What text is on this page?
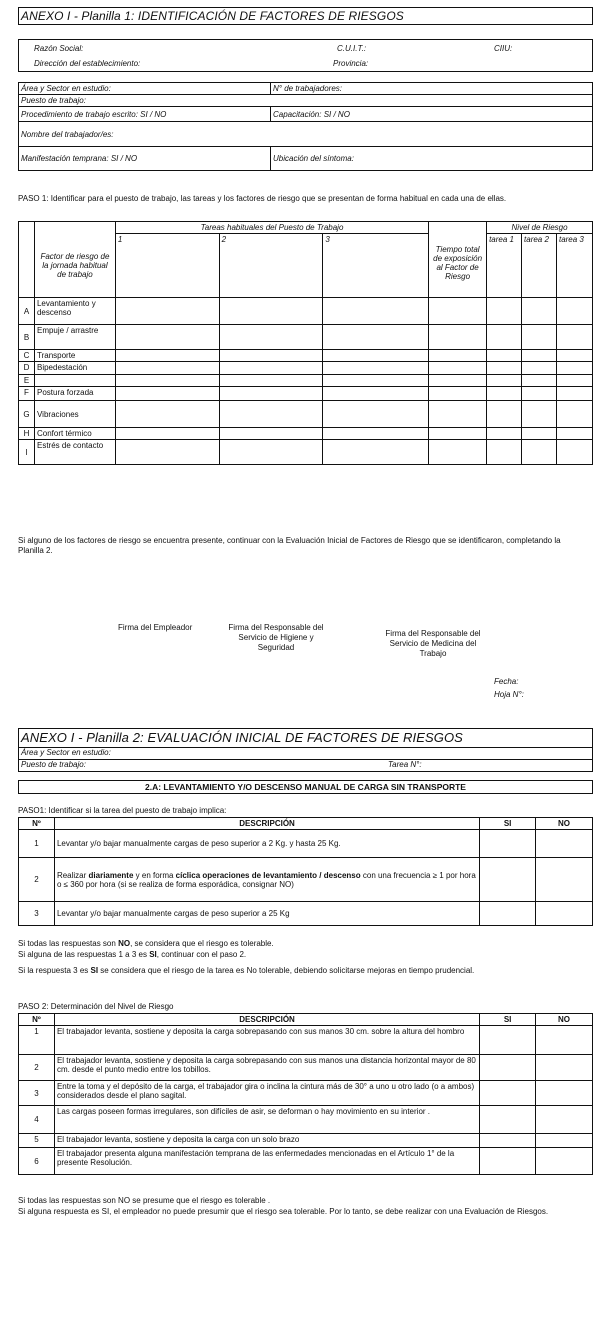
ANEXO I - Planilla 1: IDENTIFICACIÓN DE FACTORES DE RIESGOS
Razón Social:	C.U.I.T.:	CIIU:
Dirección del establecimiento:	Provincia:
Área y Sector en estudio:	N° de trabajadores:
Puesto de trabajo:	
Procedimiento de trabajo escrito: SI / NO	Capacitación: SI / NO
Nombre del trabajador/es:	
Manifestación temprana: SI / NO	Ubicación del síntoma:

PASO 1: Identificar para el puesto de trabajo, las tareas y los factores de riesgo que se presentan de forma habitual en cada una de ellas.

		Tareas habituales del Puesto de Trabajo			Tiempo total de exposición al Factor de Riesgo	Nivel de Riesgo		
	Factor de riesgo de la jornada habitual de trabajo	1	2	3		tarea 1	tarea 2	tarea 3
A	Levantamiento y descenso							
B	Empuje / arrastre							
C	Transporte							
D	Bipedestación							
E								
F	Postura forzada							
G	Vibraciones							
H	Confort térmico							
I	Estrés de contacto							

Si alguno de los factores de riesgo se encuentra presente, continuar con la Evaluación Inicial de Factores de Riesgo que se identificaron, completando la Planilla 2.

Firma del Empleador	Firma del Responsable del Servicio de Higiene y Seguridad

Firma del Responsable del Servicio de Medicina del Trabajo

Fecha:

Hoja N°:

ANEXO I - Planilla 2: EVALUACIÓN INICIAL DE FACTORES DE RIESGOS
Área y Sector en estudio:
Puesto de trabajo:	Tarea N°:
2.A: LEVANTAMIENTO Y/O DESCENSO MANUAL DE CARGA SIN TRANSPORTE

PASO1: Identificar si la tarea del puesto de trabajo implica:

Nº	DESCRIPCIÓN	SI	NO
1	Levantar y/o bajar manualmente cargas de peso superior a 2 Kg. y hasta 25 Kg.		
2	Realizar diariamente y en forma cíclica operaciones de levantamiento / descenso con una frecuencia ≥ 1 por hora o ≤ 360 por hora (si se realiza de forma esporádica, consignar NO)		
3	Levantar y/o bajar manualmente cargas de peso superior a 25 Kg		

Si todas las respuestas son NO, se considera que el riesgo es tolerable.

Si alguna de las respuestas 1 a 3 es SI, continuar con el paso 2.

Si la respuesta 3 es SI se considera que el riesgo de la tarea es No tolerable, debiendo solicitarse mejoras en tiempo prudencial.

PASO 2: Determinación del Nivel de Riesgo

Nº	DESCRIPCIÓN	SI	NO
1	El trabajador levanta, sostiene y deposita la carga sobrepasando con sus manos 30 cm. sobre la altura del hombro		
2	El trabajador levanta, sostiene y deposita la carga sobrepasando con sus manos una distancia horizontal mayor de 80 cm. desde el punto medio entre los tobillos.		
3	Entre la toma y el depósito de la carga, el trabajador gira o inclina la cintura más de 30° a uno u otro lado (o a ambos) considerados desde el plano sagital.		
4	Las cargas poseen formas irregulares, son difíciles de asir, se deforman o hay movimiento en su interior .		
5	El trabajador levanta, sostiene y deposita la carga con un solo brazo		
6	El trabajador presenta alguna manifestación temprana de las enfermedades mencionadas en el Artículo 1° de la presente Resolución.		

Si todas las respuestas son NO se presume que el riesgo es tolerable .

Si alguna respuesta es SI, el empleador no puede presumir que el riesgo sea tolerable. Por lo tanto, se debe realizar con una Evaluación de Riesgos.
